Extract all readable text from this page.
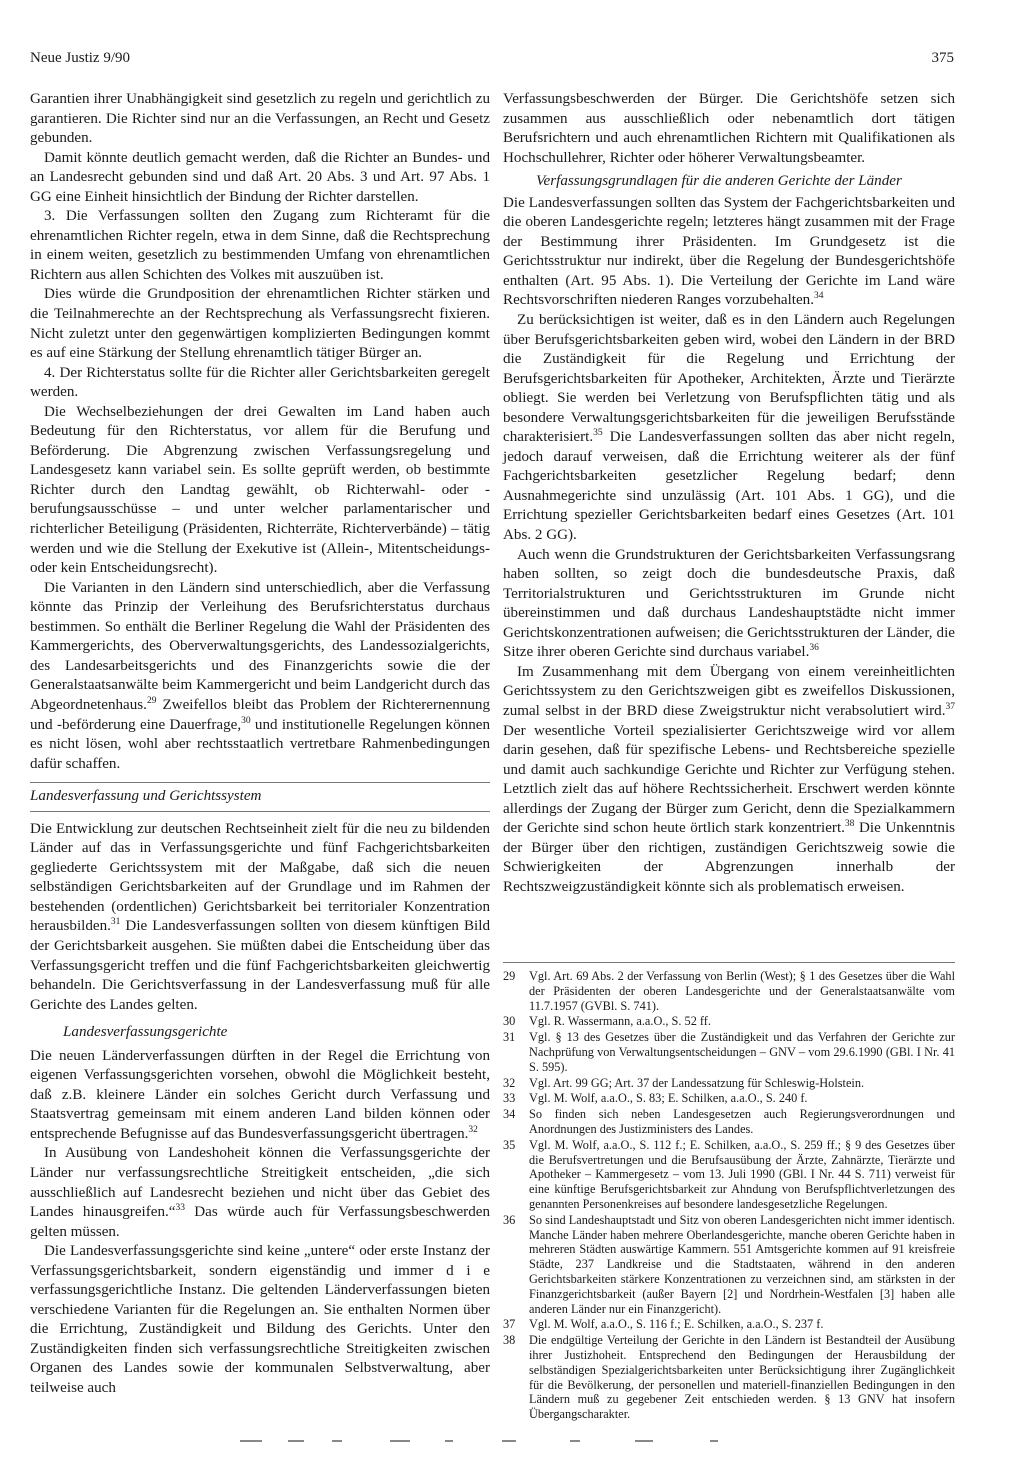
Neue Justiz 9/90	375

Garantien ihrer Unabhängigkeit sind gesetzlich zu regeln und gerichtlich zu garantieren. Die Richter sind nur an die Verfassungen, an Recht und Gesetz gebunden.

Damit könnte deutlich gemacht werden, daß die Richter an Bundes- und an Landesrecht gebunden sind und daß Art. 20 Abs. 3 und Art. 97 Abs. 1 GG eine Einheit hinsichtlich der Bindung der Richter darstellen.

3. Die Verfassungen sollten den Zugang zum Richteramt für die ehrenamtlichen Richter regeln, etwa in dem Sinne, daß die Rechtsprechung in einem weiten, gesetzlich zu bestimmenden Umfang von ehrenamtlichen Richtern aus allen Schichten des Volkes mit auszuüben ist.

Dies würde die Grundposition der ehrenamtlichen Richter stärken und die Teilnahmerechte an der Rechtsprechung als Verfassungsrecht fixieren. Nicht zuletzt unter den gegenwärtigen komplizierten Bedingungen kommt es auf eine Stärkung der Stellung ehrenamtlich tätiger Bürger an.

4. Der Richterstatus sollte für die Richter aller Gerichtsbarkeiten geregelt werden.

Die Wechselbeziehungen der drei Gewalten im Land haben auch Bedeutung für den Richterstatus, vor allem für die Berufung und Beförderung. Die Abgrenzung zwischen Verfassungsregelung und Landesgesetz kann variabel sein. Es sollte geprüft werden, ob bestimmte Richter durch den Landtag gewählt, ob Richterwahl- oder -berufungsausschüsse – und unter welcher parlamentarischer und richterlicher Beteiligung (Präsidenten, Richterräte, Richterverbände) – tätig werden und wie die Stellung der Exekutive ist (Allein-, Mitentscheidungs- oder kein Entscheidungsrecht).

Die Varianten in den Ländern sind unterschiedlich, aber die Verfassung könnte das Prinzip der Verleihung des Berufsrichterstatus durchaus bestimmen. So enthält die Berliner Regelung die Wahl der Präsidenten des Kammergerichts, des Oberverwaltungsgerichts, des Landessozialgerichts, des Landesarbeitsgerichts und des Finanzgerichts sowie die der Generalstaatsanwälte beim Kammergericht und beim Landgericht durch das Abgeordnetenhaus.$^{29}$ Zweifellos bleibt das Problem der Richterernennung und -beförderung eine Dauerfrage,$^{30}$ und institutionelle Regelungen können es nicht lösen, wohl aber rechtsstaatlich vertretbare Rahmenbedingungen dafür schaffen.

Landesverfassung und Gerichtssystem

Die Entwicklung zur deutschen Rechtseinheit zielt für die neu zu bildenden Länder auf das in Verfassungsgerichte und fünf Fachgerichtsbarkeiten gegliederte Gerichtssystem mit der Maßgabe, daß sich die neuen selbständigen Gerichtsbarkeiten auf der Grundlage und im Rahmen der bestehenden (ordentlichen) Gerichtsbarkeit bei territorialer Konzentration herausbilden.$^{31}$ Die Landesverfassungen sollten von diesem künftigen Bild der Gerichtsbarkeit ausgehen. Sie müßten dabei die Entscheidung über das Verfassungsgericht treffen und die fünf Fachgerichtsbarkeiten gleichwertig behandeln. Die Gerichtsverfassung in der Landesverfassung muß für alle Gerichte des Landes gelten.

Landesverfassungsgerichte

Die neuen Länderverfassungen dürften in der Regel die Errichtung von eigenen Verfassungsgerichten vorsehen, obwohl die Möglichkeit besteht, daß z.B. kleinere Länder ein solches Gericht durch Verfassung und Staatsvertrag gemeinsam mit einem anderen Land bilden können oder entsprechende Befugnisse auf das Bundesverfassungsgericht übertragen.$^{32}$

In Ausübung von Landeshoheit können die Verfassungsgerichte der Länder nur verfassungsrechtliche Streitigkeit entscheiden, „die sich ausschließlich auf Landesrecht beziehen und nicht über das Gebiet des Landes hinausgreifen.“$^{33}$ Das würde auch für Verfassungsbeschwerden gelten müssen.

Die Landesverfassungsgerichte sind keine „untere“ oder erste Instanz der Verfassungsgerichtsbarkeit, sondern eigenständig und immer d i e verfassungsgerichtliche Instanz. Die geltenden Länderverfassungen bieten verschiedene Varianten für die Regelungen an. Sie enthalten Normen über die Errichtung, Zuständigkeit und Bildung des Gerichts. Unter den Zuständigkeiten finden sich verfassungsrechtliche Streitigkeiten zwischen Organen des Landes sowie der kommunalen Selbstverwaltung, aber teilweise auch

Verfassungsbeschwerden der Bürger. Die Gerichtshöfe setzen sich zusammen aus ausschließlich oder nebenamtlich dort tätigen Berufsrichtern und auch ehrenamtlichen Richtern mit Qualifikationen als Hochschullehrer, Richter oder höherer Verwaltungsbeamter.

Verfassungsgrundlagen für die anderen Gerichte der Länder

Die Landesverfassungen sollten das System der Fachgerichtsbarkeiten und die oberen Landesgerichte regeln; letzteres hängt zusammen mit der Frage der Bestimmung ihrer Präsidenten. Im Grundgesetz ist die Gerichtsstruktur nur indirekt, über die Regelung der Bundesgerichtshöfe enthalten (Art. 95 Abs. 1). Die Verteilung der Gerichte im Land wäre Rechtsvorschriften niederen Ranges vorzubehalten.$^{34}$

Zu berücksichtigen ist weiter, daß es in den Ländern auch Regelungen über Berufsgerichtsbarkeiten geben wird, wobei den Ländern in der BRD die Zuständigkeit für die Regelung und Errichtung der Berufsgerichtsbarkeiten für Apotheker, Architekten, Ärzte und Tierärzte obliegt. Sie werden bei Verletzung von Berufspflichten tätig und als besondere Verwaltungsgerichtsbarkeiten für die jeweiligen Berufsstände charakterisiert.$^{35}$ Die Landesverfassungen sollten das aber nicht regeln, jedoch darauf verweisen, daß die Errichtung weiterer als der fünf Fachgerichtsbarkeiten gesetzlicher Regelung bedarf; denn Ausnahmegerichte sind unzulässig (Art. 101 Abs. 1 GG), und die Errichtung spezieller Gerichtsbarkeiten bedarf eines Gesetzes (Art. 101 Abs. 2 GG).

Auch wenn die Grundstrukturen der Gerichtsbarkeiten Verfassungsrang haben sollten, so zeigt doch die bundesdeutsche Praxis, daß Territorialstrukturen und Gerichtsstrukturen im Grunde nicht übereinstimmen und daß durchaus Landeshauptstädte nicht immer Gerichtskonzentrationen aufweisen; die Gerichtsstrukturen der Länder, die Sitze ihrer oberen Gerichte sind durchaus variabel.$^{36}$

Im Zusammenhang mit dem Übergang von einem vereinheitlichten Gerichtssystem zu den Gerichtszweigen gibt es zweifellos Diskussionen, zumal selbst in der BRD diese Zweigstruktur nicht verabsolutiert wird.$^{37}$ Der wesentliche Vorteil spezialisierter Gerichtszweige wird vor allem darin gesehen, daß für spezifische Lebens- und Rechtsbereiche spezielle und damit auch sachkundige Gerichte und Richter zur Verfügung stehen. Letztlich zielt das auf höhere Rechtssicherheit. Erschwert werden könnte allerdings der Zugang der Bürger zum Gericht, denn die Spezialkammern der Gerichte sind schon heute örtlich stark konzentriert.$^{38}$ Die Unkenntnis der Bürger über den richtigen, zuständigen Gerichtszweig sowie die Schwierigkeiten der Abgrenzungen innerhalb der Rechtszweigzuständigkeit könnte sich als problematisch erweisen.

29	Vgl. Art. 69 Abs. 2 der Verfassung von Berlin (West); § 1 des Gesetzes über die Wahl der Präsidenten der oberen Landesgerichte und der Generalstaatsanwälte vom 11.7.1957 (GVBl. S. 741).
30	Vgl. R. Wassermann, a.a.O., S. 52 ff.
31	Vgl. § 13 des Gesetzes über die Zuständigkeit und das Verfahren der Gerichte zur Nachprüfung von Verwaltungsentscheidungen – GNV – vom 29.6.1990 (GBl. I Nr. 41 S. 595).
32	Vgl. Art. 99 GG; Art. 37 der Landessatzung für Schleswig-Holstein.
33	Vgl. M. Wolf, a.a.O., S. 83; E. Schilken, a.a.O., S. 240 f.
34	So finden sich neben Landesgesetzen auch Regierungsverordnungen und Anordnungen des Justizministers des Landes.
35	Vgl. M. Wolf, a.a.O., S. 112 f.; E. Schilken, a.a.O., S. 259 ff.; § 9 des Gesetzes über die Berufsvertretungen und die Berufsausübung der Ärzte, Zahnärzte, Tierärzte und Apotheker – Kammergesetz – vom 13. Juli 1990 (GBl. I Nr. 44 S. 711) verweist für eine künftige Berufsgerichtsbarkeit zur Ahndung von Berufspflichtverletzungen des genannten Personenkreises auf besondere landesgesetzliche Regelungen.
36	So sind Landeshauptstadt und Sitz von oberen Landesgerichten nicht immer identisch. Manche Länder haben mehrere Oberlandesgerichte, manche oberen Gerichte haben in mehreren Städten auswärtige Kammern. 551 Amtsgerichte kommen auf 91 kreisfreie Städte, 237 Landkreise und die Stadtstaaten, während in den anderen Gerichtsbarkeiten stärkere Konzentrationen zu verzeichnen sind, am stärksten in der Finanzgerichtsbarkeit (außer Bayern [2] und Nordrhein-Westfalen [3] haben alle anderen Länder nur ein Finanzgericht).
37	Vgl. M. Wolf, a.a.O., S. 116 f.; E. Schilken, a.a.O., S. 237 f.
38	Die endgültige Verteilung der Gerichte in den Ländern ist Bestandteil der Ausübung ihrer Justizhoheit. Entsprechend den Bedingungen der Herausbildung der selbständigen Spezialgerichtsbarkeiten unter Berücksichtigung ihrer Zugänglichkeit für die Bevölkerung, der personellen und materiell-finanziellen Bedingungen in den Ländern muß zu gegebener Zeit entschieden werden. § 13 GNV hat insofern Übergangscharakter.
